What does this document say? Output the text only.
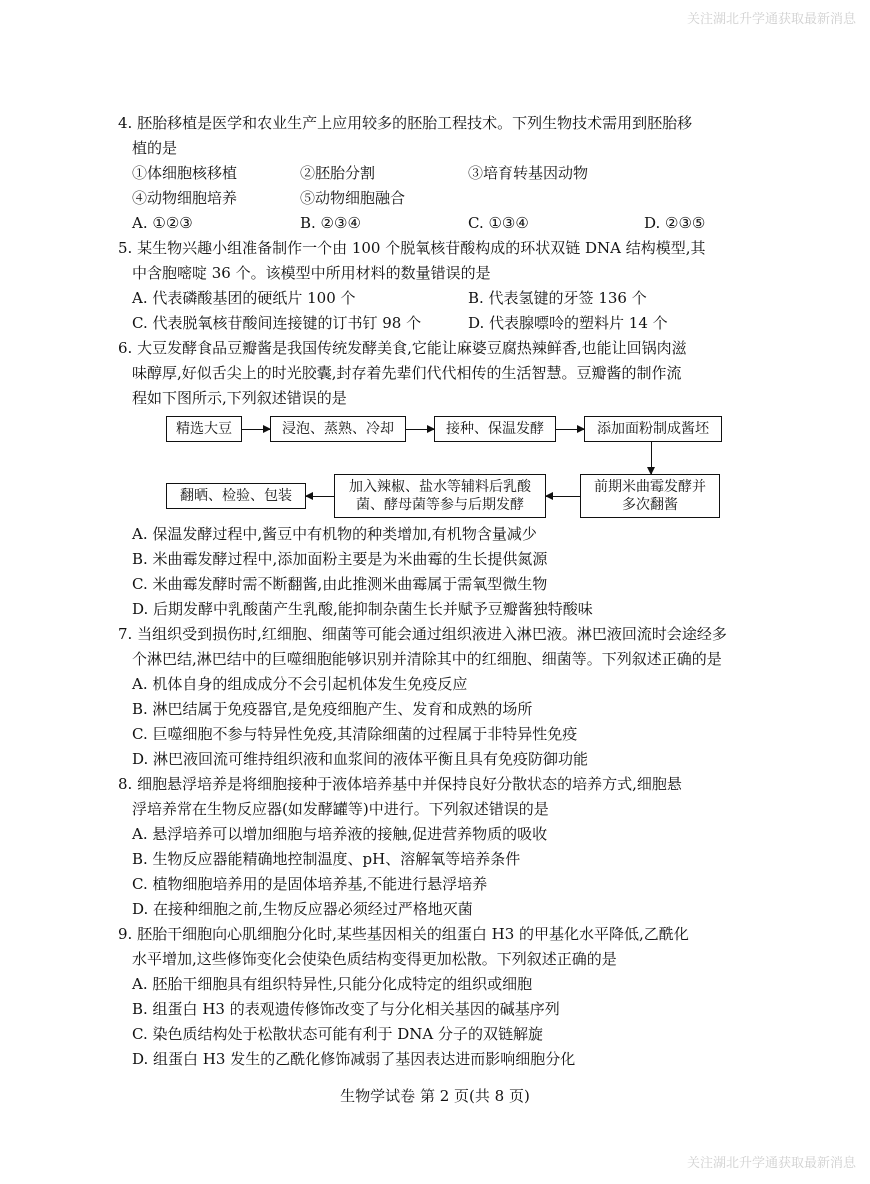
关注湖北升学通获取最新消息
4. 胚胎移植是医学和农业生产上应用较多的胚胎工程技术。下列生物技术需用到胚胎移
植的是
①体细胞核移植	②胚胎分割	③培育转基因动物
④动物细胞培养	⑤动物细胞融合
A. ①②③	B. ②③④	C. ①③④	D. ②③⑤
5. 某生物兴趣小组准备制作一个由 100 个脱氧核苷酸构成的环状双链 DNA 结构模型,其
中含胞嘧啶 36 个。该模型中所用材料的数量错误的是
A. 代表磷酸基团的硬纸片 100 个	B. 代表氢键的牙签 136 个
C. 代表脱氧核苷酸间连接键的订书钉 98 个	D. 代表腺嘌呤的塑料片 14 个
6. 大豆发酵食品豆瓣酱是我国传统发酵美食,它能让麻婆豆腐热辣鲜香,也能让回锅肉滋
味醇厚,好似舌尖上的时光胶囊,封存着先辈们代代相传的生活智慧。豆瓣酱的制作流
程如下图所示,下列叙述错误的是
精选大豆	浸泡、蒸熟、冷却	接种、保温发酵	添加面粉制成酱坯
前期米曲霉发酵并
多次翻酱
加入辣椒、盐水等辅料后乳酸
菌、酵母菌等参与后期发酵
翻晒、检验、包装
A. 保温发酵过程中,酱豆中有机物的种类增加,有机物含量减少
B. 米曲霉发酵过程中,添加面粉主要是为米曲霉的生长提供氮源
C. 米曲霉发酵时需不断翻酱,由此推测米曲霉属于需氧型微生物
D. 后期发酵中乳酸菌产生乳酸,能抑制杂菌生长并赋予豆瓣酱独特酸味
7. 当组织受到损伤时,红细胞、细菌等可能会通过组织液进入淋巴液。淋巴液回流时会途经多
个淋巴结,淋巴结中的巨噬细胞能够识别并清除其中的红细胞、细菌等。下列叙述正确的是
A. 机体自身的组成成分不会引起机体发生免疫反应
B. 淋巴结属于免疫器官,是免疫细胞产生、发育和成熟的场所
C. 巨噬细胞不参与特异性免疫,其清除细菌的过程属于非特异性免疫
D. 淋巴液回流可维持组织液和血浆间的液体平衡且具有免疫防御功能
8. 细胞悬浮培养是将细胞接种于液体培养基中并保持良好分散状态的培养方式,细胞悬
浮培养常在生物反应器(如发酵罐等)中进行。下列叙述错误的是
A. 悬浮培养可以增加细胞与培养液的接触,促进营养物质的吸收
B. 生物反应器能精确地控制温度、pH、溶解氧等培养条件
C. 植物细胞培养用的是固体培养基,不能进行悬浮培养
D. 在接种细胞之前,生物反应器必须经过严格地灭菌
9. 胚胎干细胞向心肌细胞分化时,某些基因相关的组蛋白 H3 的甲基化水平降低,乙酰化
水平增加,这些修饰变化会使染色质结构变得更加松散。下列叙述正确的是
A. 胚胎干细胞具有组织特异性,只能分化成特定的组织或细胞
B. 组蛋白 H3 的表观遗传修饰改变了与分化相关基因的碱基序列
C. 染色质结构处于松散状态可能有利于 DNA 分子的双链解旋
D. 组蛋白 H3 发生的乙酰化修饰减弱了基因表达进而影响细胞分化
生物学试卷 第 2 页(共 8 页)
关注湖北升学通获取最新消息
